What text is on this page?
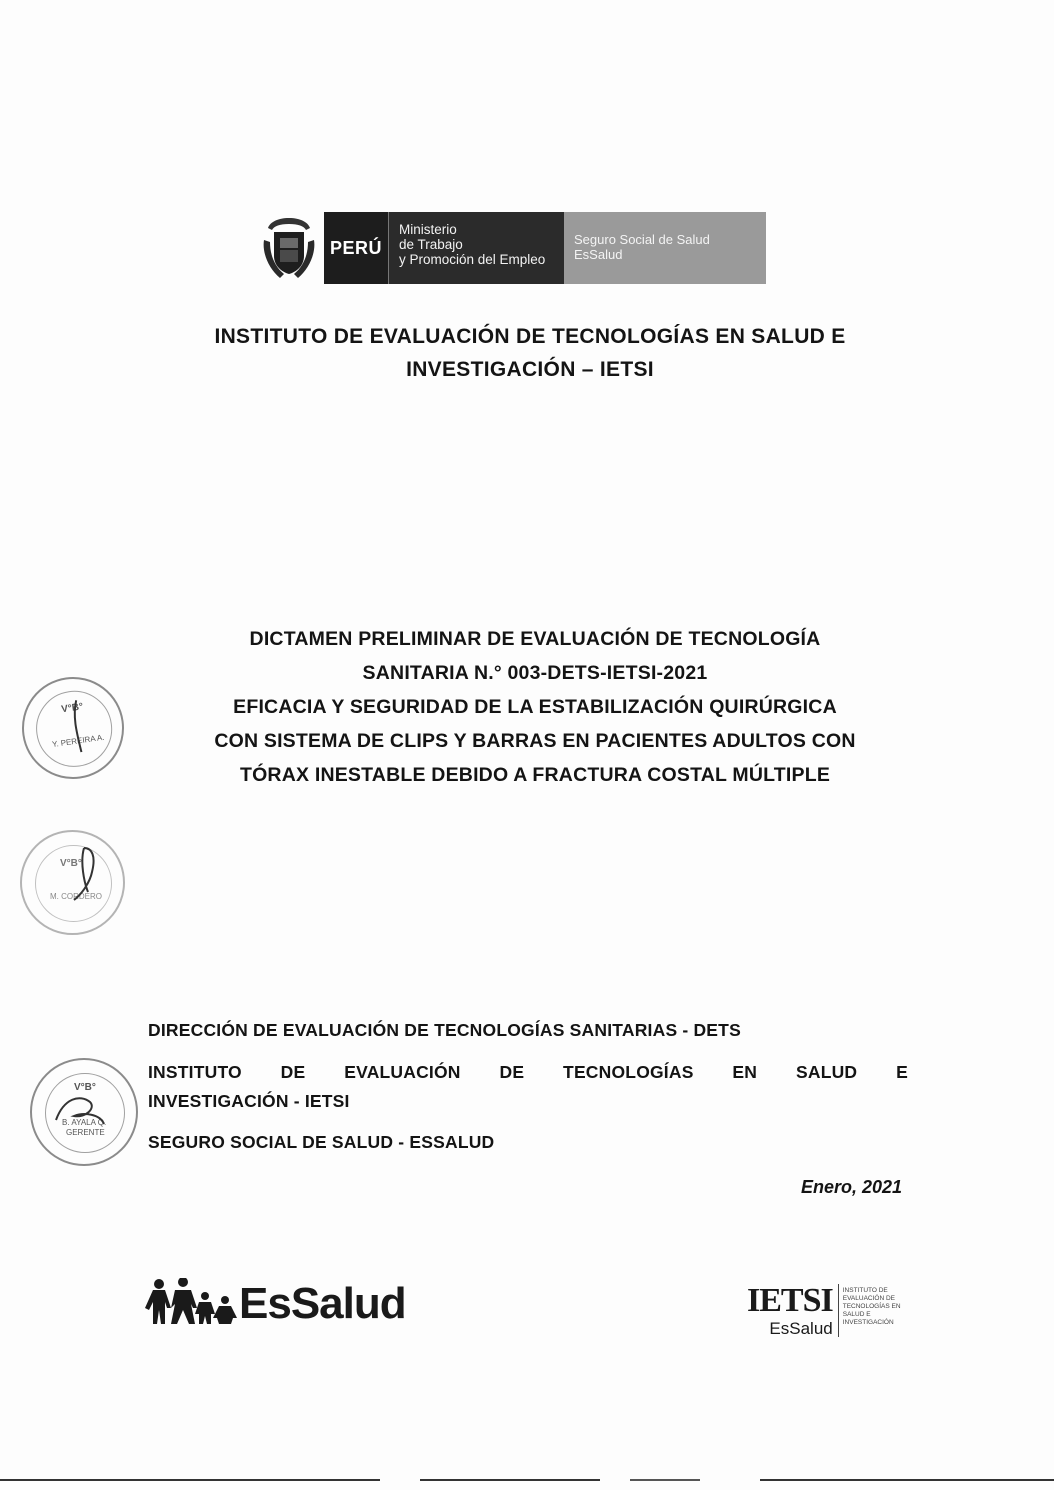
PERÚ
Ministerio
de Trabajo
y Promoción del Empleo
Seguro Social de Salud
EsSalud
INSTITUTO DE EVALUACIÓN DE TECNOLOGÍAS EN SALUD E
INVESTIGACIÓN – IETSI
DICTAMEN PRELIMINAR DE EVALUACIÓN DE TECNOLOGÍA
SANITARIA N.° 003-DETS-IETSI-2021
EFICACIA Y SEGURIDAD DE LA ESTABILIZACIÓN QUIRÚRGICA
CON SISTEMA DE CLIPS Y BARRAS EN PACIENTES ADULTOS CON
TÓRAX INESTABLE DEBIDO A FRACTURA COSTAL MÚLTIPLE
V°B°
Y. PEREIRA A.
V°B°
M. CORDERO
V°B°
B. AYALA Q.
GERENTE
DIRECCIÓN DE EVALUACIÓN DE TECNOLOGÍAS SANITARIAS - DETS
INSTITUTO DE EVALUACIÓN DE TECNOLOGÍAS EN SALUD E
INVESTIGACIÓN - IETSI
SEGURO SOCIAL DE SALUD - ESSALUD
Enero, 2021
EsSalud	IETSI
EsSalud
INSTITUTO DE
EVALUACIÓN DE
TECNOLOGÍAS EN
SALUD E
INVESTIGACIÓN
